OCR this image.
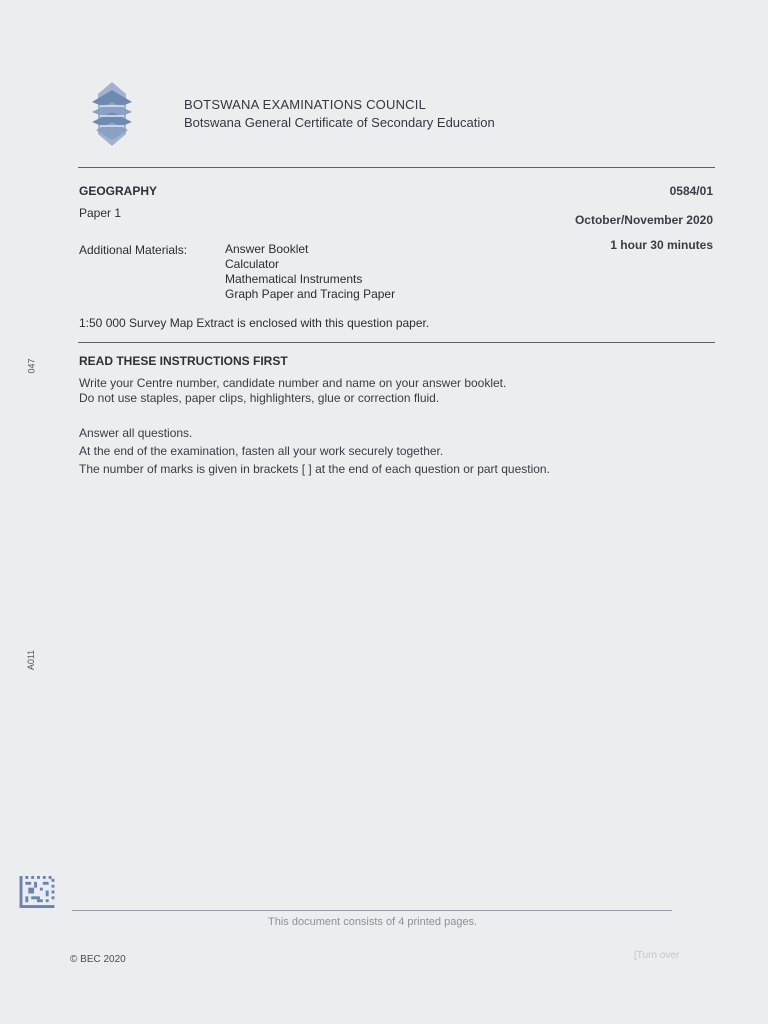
BOTSWANA EXAMINATIONS COUNCIL
Botswana General Certificate of Secondary Education
GEOGRAPHY	0584/01
Paper 1	October/November 2020
1 hour 30 minutes
Additional Materials:	Answer Booklet
Calculator
Mathematical Instruments
Graph Paper and Tracing Paper
1:50 000 Survey Map Extract is enclosed with this question paper.
READ THESE INSTRUCTIONS FIRST
Write your Centre number, candidate number and name on your answer booklet.
Do not use staples, paper clips, highlighters, glue or correction fluid.
Answer all questions.
At the end of the examination, fasten all your work securely together.
The number of marks is given in brackets [ ] at the end of each question or part question.
047
A011
This document consists of 4 printed pages.
© BEC 2020	[Turn over
